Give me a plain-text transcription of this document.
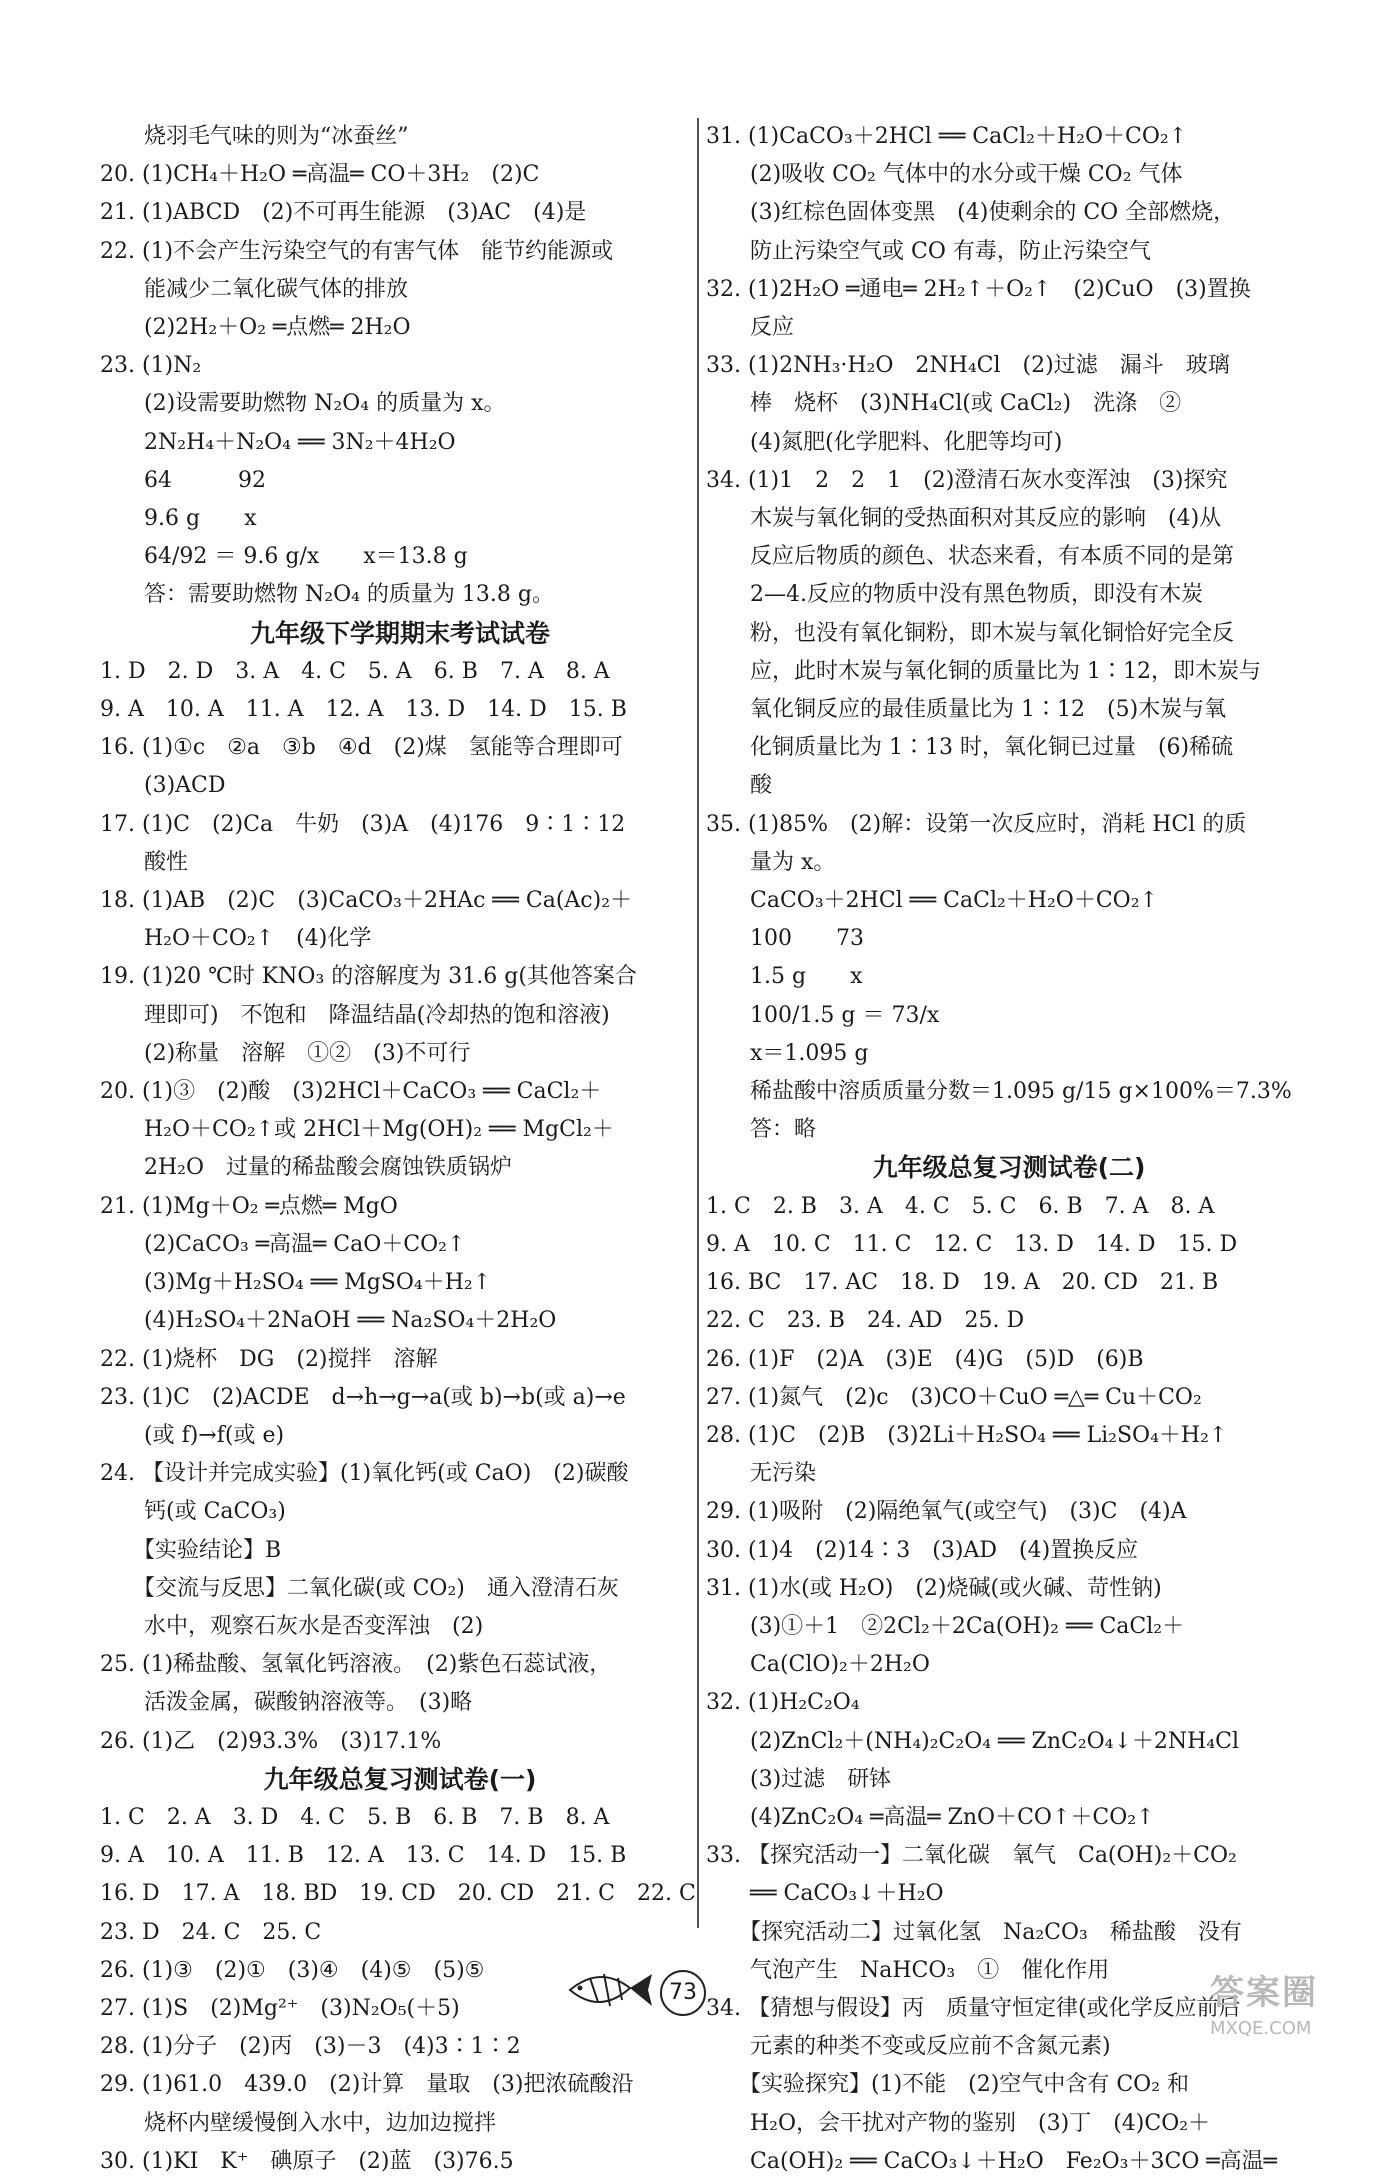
　　烧羽毛气味的则为“冰蚕丝”
20. (1)CH₄＋H₂O ═高温═ CO＋3H₂　(2)C
21. (1)ABCD　(2)不可再生能源　(3)AC　(4)是
22. (1)不会产生污染空气的有害气体　能节约能源或
　　能减少二氧化碳气体的排放
　　(2)2H₂＋O₂ ═点燃═ 2H₂O
23. (1)N₂
　　(2)设需要助燃物 N₂O₄ 的质量为 x。
　　2N₂H₄＋N₂O₄ ══ 3N₂＋4H₂O
　　64　　　92
　　9.6 g　　x
　　64/92 ＝ 9.6 g/x　　x＝13.8 g
　　答：需要助燃物 N₂O₄ 的质量为 13.8 g。
九年级下学期期末考试试卷
1. D　2. D　3. A　4. C　5. A　6. B　7. A　8. A
9. A　10. A　11. A　12. A　13. D　14. D　15. B
16. (1)①c　②a　③b　④d　(2)煤　氢能等合理即可
　　(3)ACD
17. (1)C　(2)Ca　牛奶　(3)A　(4)176　9∶1∶12
　　酸性
18. (1)AB　(2)C　(3)CaCO₃＋2HAc ══ Ca(Ac)₂＋
　　H₂O＋CO₂↑　(4)化学
19. (1)20 ℃时 KNO₃ 的溶解度为 31.6 g(其他答案合
　　理即可)　不饱和　降温结晶(冷却热的饱和溶液)
　　(2)称量　溶解　①②　(3)不可行
20. (1)③　(2)酸　(3)2HCl＋CaCO₃ ══ CaCl₂＋
　　H₂O＋CO₂↑或 2HCl＋Mg(OH)₂ ══ MgCl₂＋
　　2H₂O　过量的稀盐酸会腐蚀铁质锅炉
21. (1)Mg＋O₂ ═点燃═ MgO
　　(2)CaCO₃ ═高温═ CaO＋CO₂↑
　　(3)Mg＋H₂SO₄ ══ MgSO₄＋H₂↑
　　(4)H₂SO₄＋2NaOH ══ Na₂SO₄＋2H₂O
22. (1)烧杯　DG　(2)搅拌　溶解
23. (1)C　(2)ACDE　d→h→g→a(或 b)→b(或 a)→e
　　(或 f)→f(或 e)
24. 【设计并完成实验】(1)氧化钙(或 CaO)　(2)碳酸
　　钙(或 CaCO₃)
　　【实验结论】B
　　【交流与反思】二氧化碳(或 CO₂)　通入澄清石灰
　　水中，观察石灰水是否变浑浊　(2)
25. (1)稀盐酸、氢氧化钙溶液。　(2)紫色石蕊试液，
　　活泼金属，碳酸钠溶液等。　(3)略
26. (1)乙　(2)93.3%　(3)17.1%
九年级总复习测试卷(一)
1. C　2. A　3. D　4. C　5. B　6. B　7. B　8. A
9. A　10. A　11. B　12. A　13. C　14. D　15. B
16. D　17. A　18. BD　19. CD　20. CD　21. C　22. C
23. D　24. C　25. C
26. (1)③　(2)①　(3)④　(4)⑤　(5)⑤
27. (1)S　(2)Mg²⁺　(3)N₂O₅(＋5)
28. (1)分子　(2)丙　(3)－3　(4)3∶1∶2
29. (1)61.0　439.0　(2)计算　量取　(3)把浓硫酸沿
　　烧杯内壁缓慢倒入水中，边加边搅拌
30. (1)KI　K⁺　碘原子　(2)蓝　(3)76.5
31. (1)CaCO₃＋2HCl ══ CaCl₂＋H₂O＋CO₂↑
　　(2)吸收 CO₂ 气体中的水分或干燥 CO₂ 气体
　　(3)红棕色固体变黑　(4)使剩余的 CO 全部燃烧，
　　防止污染空气或 CO 有毒，防止污染空气
32. (1)2H₂O ═通电═ 2H₂↑＋O₂↑　(2)CuO　(3)置换
　　反应
33. (1)2NH₃·H₂O　2NH₄Cl　(2)过滤　漏斗　玻璃
　　棒　烧杯　(3)NH₄Cl(或 CaCl₂)　洗涤　②
　　(4)氮肥(化学肥料、化肥等均可)
34. (1)1　2　2　1　(2)澄清石灰水变浑浊　(3)探究
　　木炭与氧化铜的受热面积对其反应的影响　(4)从
　　反应后物质的颜色、状态来看，有本质不同的是第
　　2—4.反应的物质中没有黑色物质，即没有木炭
　　粉，也没有氧化铜粉，即木炭与氧化铜恰好完全反
　　应，此时木炭与氧化铜的质量比为 1∶12，即木炭与
　　氧化铜反应的最佳质量比为 1∶12　(5)木炭与氧
　　化铜质量比为 1∶13 时，氧化铜已过量　(6)稀硫
　　酸
35. (1)85%　(2)解：设第一次反应时，消耗 HCl 的质
　　量为 x。
　　CaCO₃＋2HCl ══ CaCl₂＋H₂O＋CO₂↑
　　100　　73
　　1.5 g　　x
　　100/1.5 g ＝ 73/x
　　x＝1.095 g
　　稀盐酸中溶质质量分数＝1.095 g/15 g×100%＝7.3%
　　答：略
九年级总复习测试卷(二)
1. C　2. B　3. A　4. C　5. C　6. B　7. A　8. A
9. A　10. C　11. C　12. C　13. D　14. D　15. D
16. BC　17. AC　18. D　19. A　20. CD　21. B
22. C　23. B　24. AD　25. D
26. (1)F　(2)A　(3)E　(4)G　(5)D　(6)B
27. (1)氮气　(2)c　(3)CO＋CuO ═△═ Cu＋CO₂
28. (1)C　(2)B　(3)2Li＋H₂SO₄ ══ Li₂SO₄＋H₂↑
　　无污染
29. (1)吸附　(2)隔绝氧气(或空气)　(3)C　(4)A
30. (1)4　(2)14∶3　(3)AD　(4)置换反应
31. (1)水(或 H₂O)　(2)烧碱(或火碱、苛性钠)
　　(3)①＋1　②2Cl₂＋2Ca(OH)₂ ══ CaCl₂＋
　　Ca(ClO)₂＋2H₂O
32. (1)H₂C₂O₄
　　(2)ZnCl₂＋(NH₄)₂C₂O₄ ══ ZnC₂O₄↓＋2NH₄Cl
　　(3)过滤　研钵
　　(4)ZnC₂O₄ ═高温═ ZnO＋CO↑＋CO₂↑
33. 【探究活动一】二氧化碳　氧气　Ca(OH)₂＋CO₂
　　══ CaCO₃↓＋H₂O
　　【探究活动二】过氧化氢　Na₂CO₃　稀盐酸　没有
　　气泡产生　NaHCO₃　①　催化作用
34. 【猜想与假设】丙　质量守恒定律(或化学反应前后
　　元素的种类不变或反应前不含氮元素)
　　【实验探究】(1)不能　(2)空气中含有 CO₂ 和
　　H₂O，会干扰对产物的鉴别　(3)丁　(4)CO₂＋
　　Ca(OH)₂ ══ CaCO₃↓＋H₂O　Fe₂O₃＋3CO ═高温═
73	答案圈
MXQE.COM
